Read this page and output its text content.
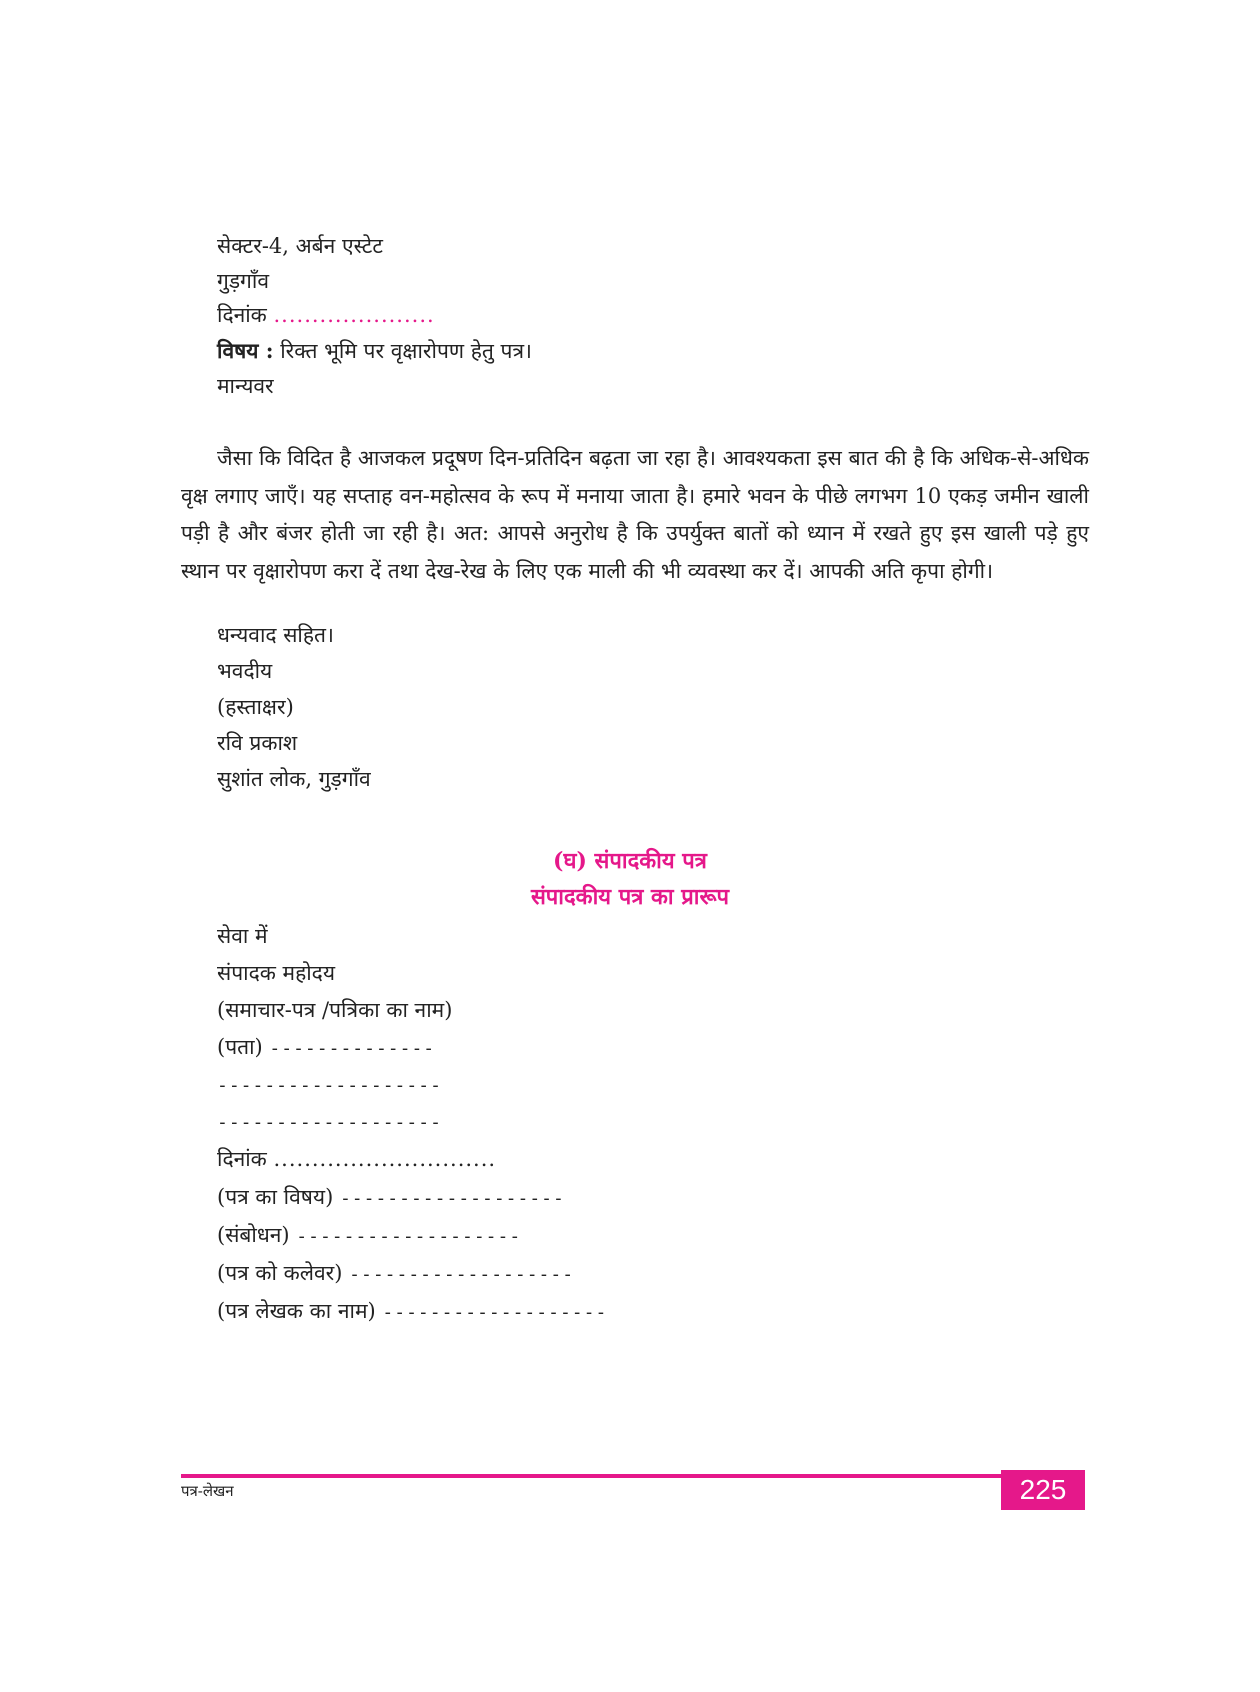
सेक्टर-4, अर्बन एस्टेट
गुड़गाँव
दिनांक .....................
विषय : रिक्त भूमि पर वृक्षारोपण हेतु पत्र।
मान्यवर
जैसा कि विदित है आजकल प्रदूषण दिन-प्रतिदिन बढ़ता जा रहा है। आवश्यकता इस बात की है कि अधिक-से-अधिक वृक्ष लगाए जाएँ। यह सप्ताह वन-महोत्सव के रूप में मनाया जाता है। हमारे भवन के पीछे लगभग 10 एकड़ जमीन खाली पड़ी है और बंजर होती जा रही है। अत: आपसे अनुरोध है कि उपर्युक्त बातों को ध्यान में रखते हुए इस खाली पड़े हुए स्थान पर वृक्षारोपण करा दें तथा देख-रेख के लिए एक माली की भी व्यवस्था कर दें। आपकी अति कृपा होगी।
धन्यवाद सहित।
भवदीय
(हस्ताक्षर)
रवि प्रकाश
सुशांत लोक, गुड़गाँव
(घ) संपादकीय पत्र
संपादकीय पत्र का प्रारूप
सेवा में
संपादक महोदय
(समाचार-पत्र /पत्रिका का नाम)
(पता) --------------
-------------------
-------------------
दिनांक .............................
(पत्र का विषय) -------------------
(संबोधन) -------------------
(पत्र को कलेवर) -------------------
(पत्र लेखक का नाम) -------------------
पत्र-लेखन	225
